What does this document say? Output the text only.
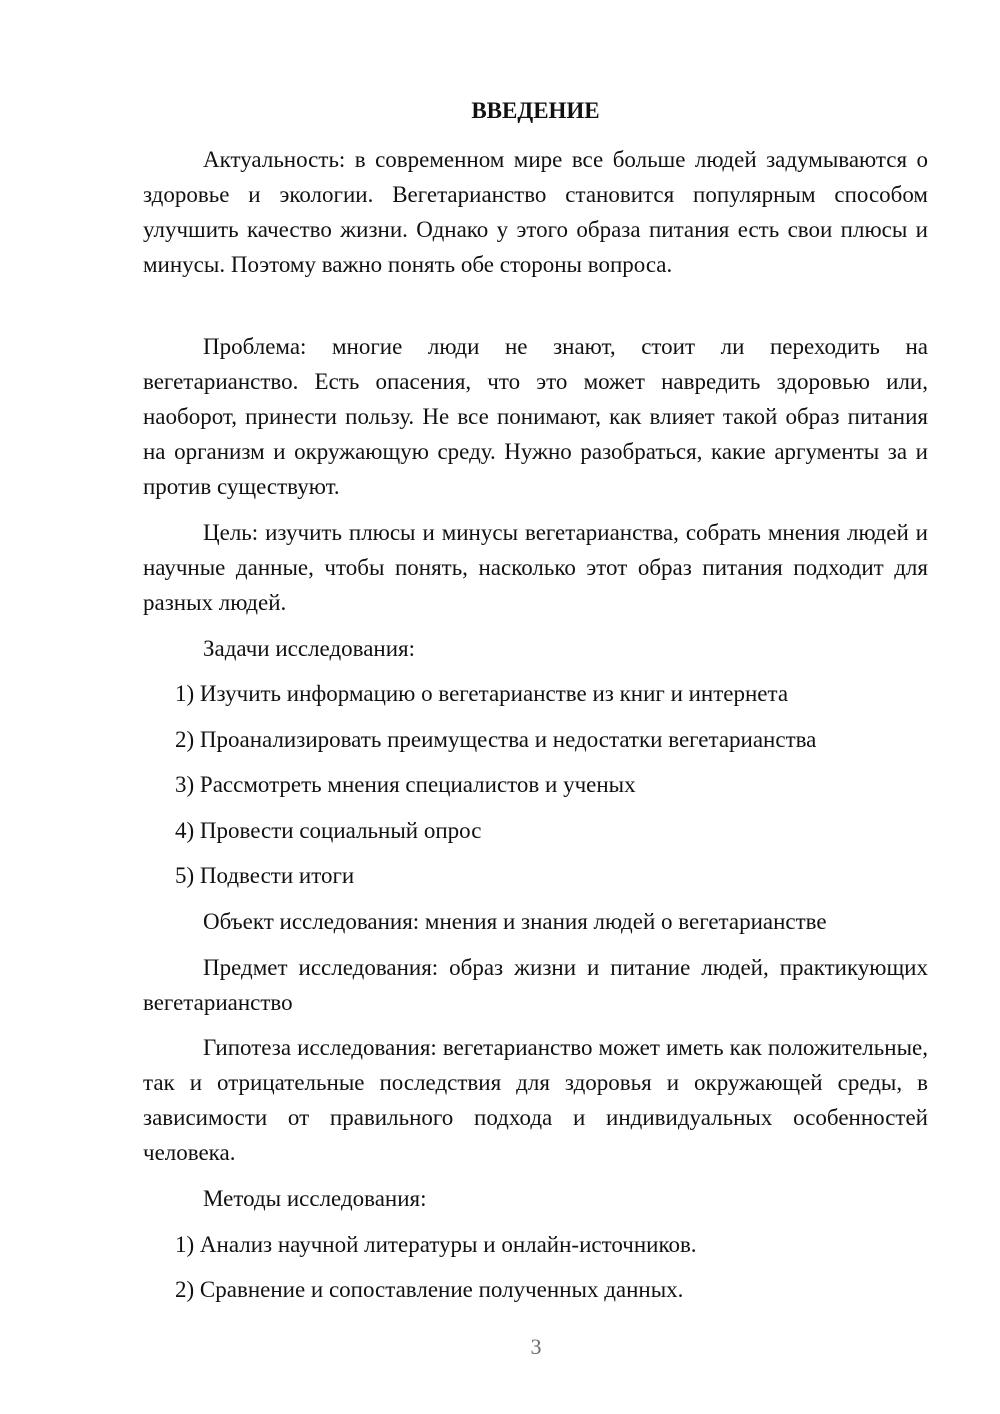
ВВЕДЕНИЕ

Актуальность: в современном мире все больше людей задумываются о здоровье и экологии. Вегетарианство становится популярным способом улучшить качество жизни. Однако у этого образа питания есть свои плюсы и минусы. Поэтому важно понять обе стороны вопроса.

Проблема: многие люди не знают, стоит ли переходить на вегетарианство. Есть опасения, что это может навредить здоровью или, наоборот, принести пользу. Не все понимают, как влияет такой образ питания на организм и окружающую среду. Нужно разобраться, какие аргументы за и против существуют.

Цель: изучить плюсы и минусы вегетарианства, собрать мнения людей и научные данные, чтобы понять, насколько этот образ питания подходит для разных людей.

Задачи исследования:

1) Изучить информацию о вегетарианстве из книг и интернета
2) Проанализировать преимущества и недостатки вегетарианства
3) Рассмотреть мнения специалистов и ученых
4) Провести социальный опрос
5) Подвести итоги

Объект исследования: мнения и знания людей о вегетарианстве

Предмет исследования: образ жизни и питание людей, практикующих вегетарианство

Гипотеза исследования: вегетарианство может иметь как положительные, так и отрицательные последствия для здоровья и окружающей среды, в зависимости от правильного подхода и индивидуальных особенностей человека.

Методы исследования:

1) Анализ научной литературы и онлайн-источников.
2) Сравнение и сопоставление полученных данных.
3
